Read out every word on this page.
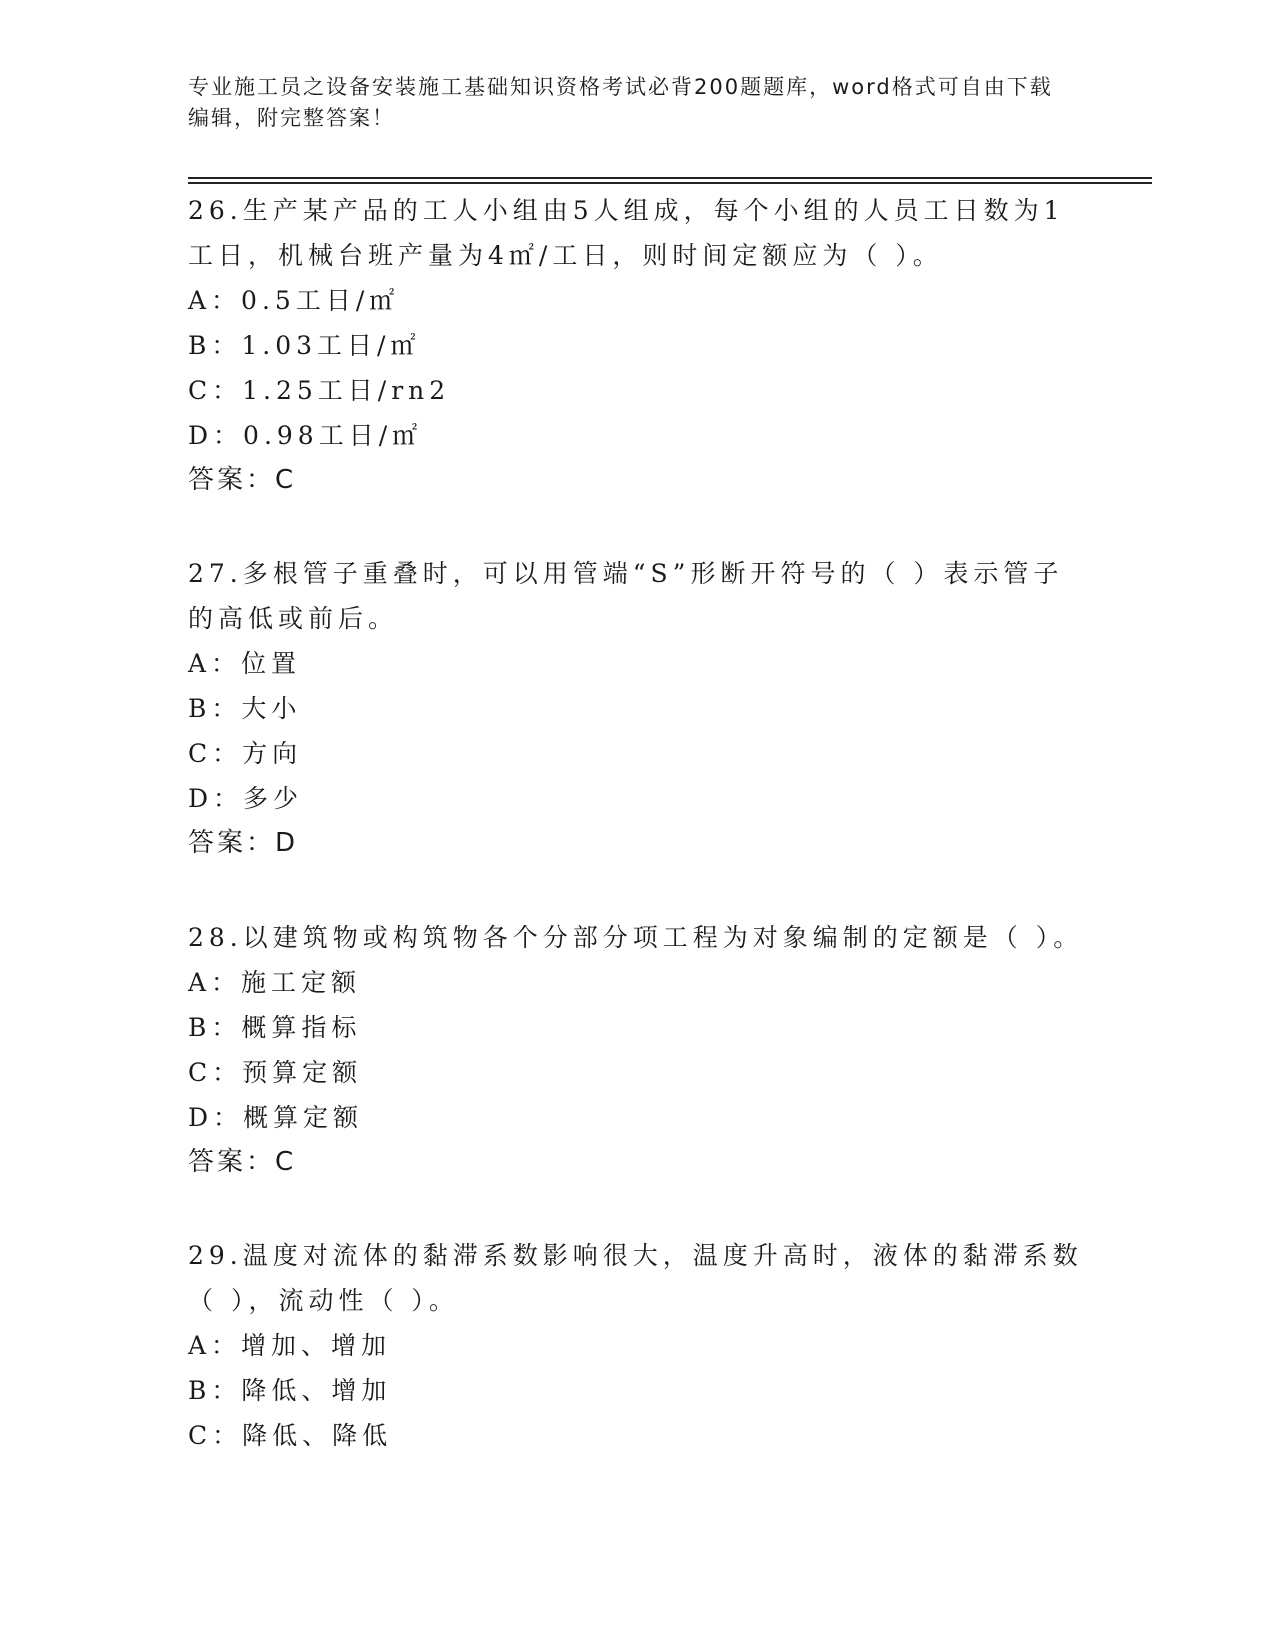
专业施工员之设备安装施工基础知识资格考试必背200题题库，word格式可自由下载编辑，附完整答案！

26.生产某产品的工人小组由5人组成，每个小组的人员工日数为1工日，机械台班产量为4㎡/工日，则时间定额应为（ ）。

A：0.5工日/㎡

B：1.03工日/㎡

C：1.25工日/rn2

D：0.98工日/㎡

答案：C

27.多根管子重叠时，可以用管端“S”形断开符号的（ ）表示管子的高低或前后。

A：位置

B：大小

C：方向

D：多少

答案：D

28.以建筑物或构筑物各个分部分项工程为对象编制的定额是（ ）。

A：施工定额

B：概算指标

C：预算定额

D：概算定额

答案：C

29.温度对流体的黏滞系数影响很大，温度升高时，液体的黏滞系数（ ），流动性（ ）。

A：增加、增加

B：降低、增加

C：降低、降低
